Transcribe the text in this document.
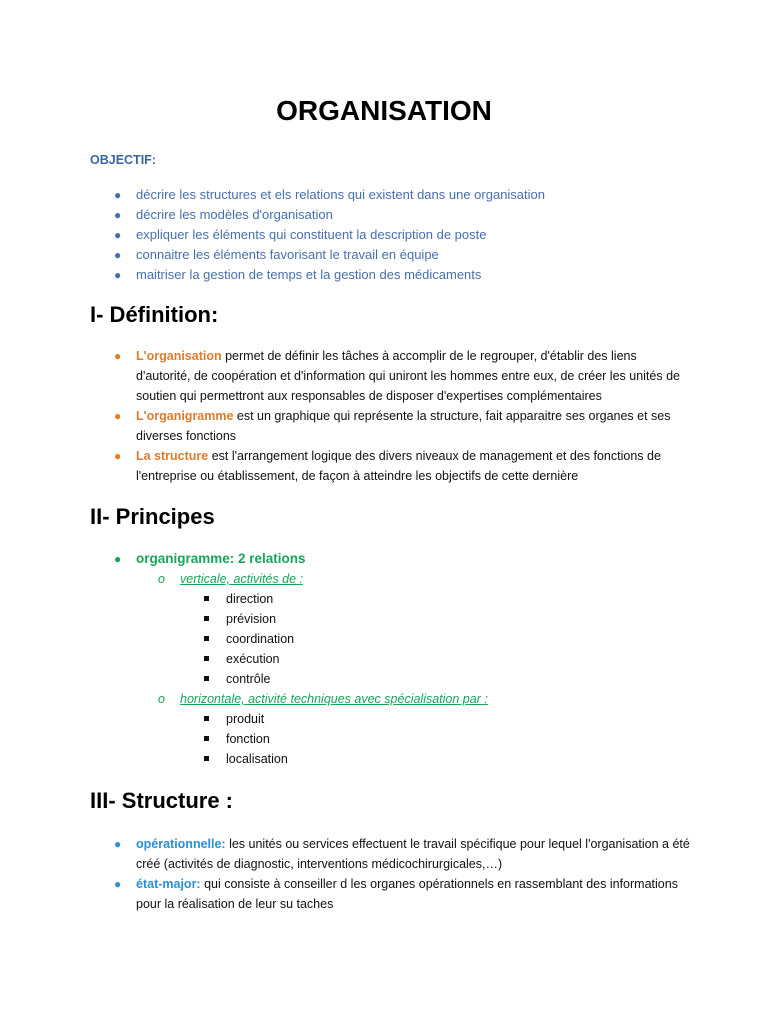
ORGANISATION
OBJECTIF:
● décrire les structures et els relations qui existent dans une organisation
● décrire les modèles d'organisation
● expliquer les éléments qui constituent la description de poste
● connaitre les éléments favorisant le travail en équipe
● maitriser la gestion de temps et la gestion des médicaments
I- Définition:
● L'organisation permet de définir les tâches à accomplir de le regrouper, d'établir des liens d'autorité, de coopération et d'information qui uniront les hommes entre eux, de créer les unités de soutien qui permettront aux responsables de disposer d'expertises complémentaires
● L'organigramme est un graphique qui représente la structure, fait apparaitre ses organes et ses diverses fonctions
● La structure est l'arrangement logique des divers niveaux de management et des fonctions de l'entreprise ou établissement, de façon à atteindre les objectifs de cette dernière
II- Principes
● organigramme: 2 relations
o verticale, activités de :
direction
prévision
coordination
exécution
contrôle
o horizontale, activité techniques avec spécialisation par :
produit
fonction
localisation
III- Structure :
● opérationnelle: les unités ou services effectuent le travail spécifique pour lequel l'organisation a été créé (activités de diagnostic, interventions médicochirurgicales,…)
● état-major: qui consiste à conseiller d les organes opérationnels en rassemblant des informations pour la réalisation de leur su taches
